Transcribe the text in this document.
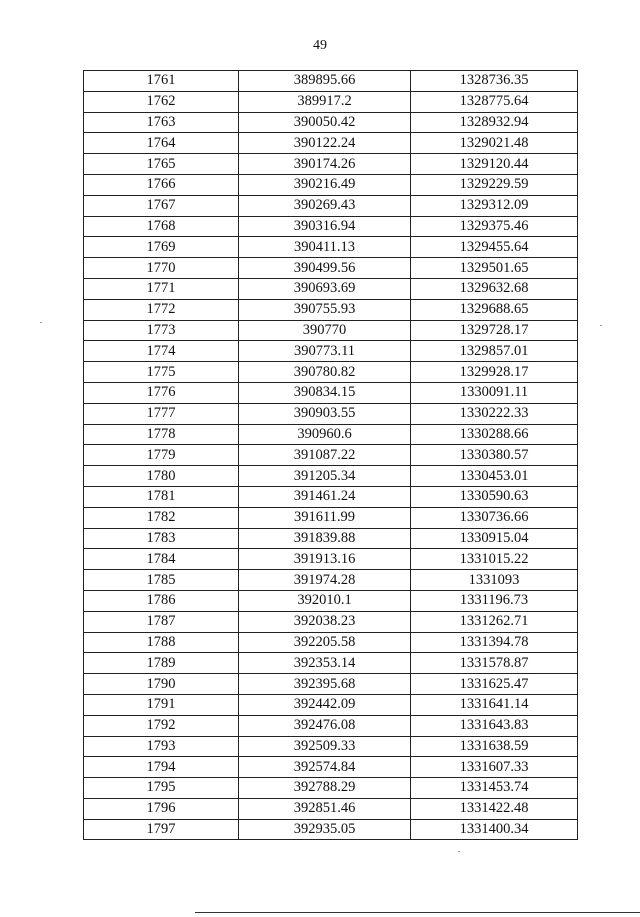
49
1761	389895.66	1328736.35
1762	389917.2	1328775.64
1763	390050.42	1328932.94
1764	390122.24	1329021.48
1765	390174.26	1329120.44
1766	390216.49	1329229.59
1767	390269.43	1329312.09
1768	390316.94	1329375.46
1769	390411.13	1329455.64
1770	390499.56	1329501.65
1771	390693.69	1329632.68
1772	390755.93	1329688.65
1773	390770	1329728.17
1774	390773.11	1329857.01
1775	390780.82	1329928.17
1776	390834.15	1330091.11
1777	390903.55	1330222.33
1778	390960.6	1330288.66
1779	391087.22	1330380.57
1780	391205.34	1330453.01
1781	391461.24	1330590.63
1782	391611.99	1330736.66
1783	391839.88	1330915.04
1784	391913.16	1331015.22
1785	391974.28	1331093
1786	392010.1	1331196.73
1787	392038.23	1331262.71
1788	392205.58	1331394.78
1789	392353.14	1331578.87
1790	392395.68	1331625.47
1791	392442.09	1331641.14
1792	392476.08	1331643.83
1793	392509.33	1331638.59
1794	392574.84	1331607.33
1795	392788.29	1331453.74
1796	392851.46	1331422.48
1797	392935.05	1331400.34
